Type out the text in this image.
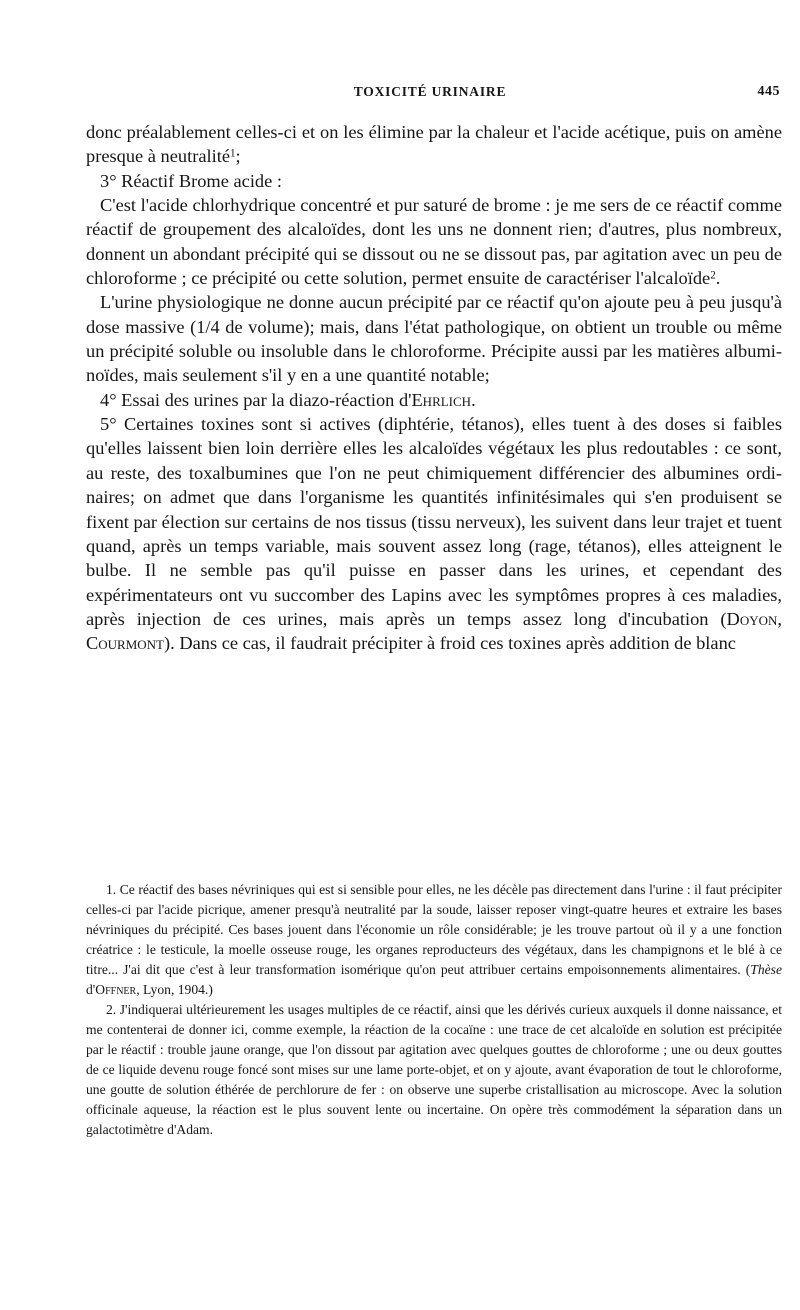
TOXICITÉ URINAIRE	445

donc préalablement celles-ci et on les élimine par la chaleur et l'acide acétique, puis on amène presque à neutralité$^1$;

3° Réactif Brome acide :

C'est l'acide chlorhydrique concentré et pur saturé de brome : je me sers de ce réactif comme réactif de groupement des alcaloïdes, dont les uns ne donnent rien; d'autres, plus nombreux, donnent un abondant précipité qui se dissout ou ne se dissout pas, par agitation avec un peu de chloroforme ; ce précipité ou cette solution, permet ensuite de caractériser l'alcaloïde$^2$.

L'urine physiologique ne donne aucun précipité par ce réactif qu'on ajoute peu à peu jusqu'à dose massive (1/4 de volume); mais, dans l'état pathologique, on obtient un trouble ou même un précipité soluble ou insoluble dans le chloroforme. Précipite aussi par les matières albuminoïdes, mais seulement s'il y en a une quantité notable;

4° Essai des urines par la diazo-réaction d'Ehrlich.

5° Certaines toxines sont si actives (diphtérie, tétanos), elles tuent à des doses si faibles qu'elles laissent bien loin derrière elles les alcaloïdes végétaux les plus redoutables : ce sont, au reste, des toxalbumines que l'on ne peut chimiquement différencier des albumines ordinaires; on admet que dans l'organisme les quantités infinitésimales qui s'en produisent se fixent par élection sur certains de nos tissus (tissu nerveux), les suivent dans leur trajet et tuent quand, après un temps variable, mais souvent assez long (rage, tétanos), elles atteignent le bulbe. Il ne semble pas qu'il puisse en passer dans les urines, et cependant des expérimentateurs ont vu succomber des Lapins avec les symptômes propres à ces maladies, après injection de ces urines, mais après un temps assez long d'incubation (Doyon, Courmont). Dans ce cas, il faudrait précipiter à froid ces toxines après addition de blanc

1. Ce réactif des bases névriniques qui est si sensible pour elles, ne les décèle pas directement dans l'urine : il faut précipiter celles-ci par l'acide picrique, amener presqu'à neutralité par la soude, laisser reposer vingt-quatre heures et extraire les bases névriniques du précipité. Ces bases jouent dans l'économie un rôle considérable; je les trouve partout où il y a une fonction créatrice : le testicule, la moelle osseuse rouge, les organes reproducteurs des végétaux, dans les champignons et le blé à ce titre... J'ai dit que c'est à leur transformation isomérique qu'on peut attribuer certains empoisonnements alimentaires. (Thèse d'Offner, Lyon, 1904.)

2. J'indiquerai ultérieurement les usages multiples de ce réactif, ainsi que les dérivés curieux auxquels il donne naissance, et me contenterai de donner ici, comme exemple, la réaction de la cocaïne : une trace de cet alcaloïde en solution est précipitée par le réactif : trouble jaune orange, que l'on dissout par agitation avec quelques gouttes de chloroforme ; une ou deux gouttes de ce liquide devenu rouge foncé sont mises sur une lame porte-objet, et on y ajoute, avant évaporation de tout le chloroforme, une goutte de solution éthérée de perchlorure de fer : on observe une superbe cristallisation au microscope. Avec la solution officinale aqueuse, la réaction est le plus souvent lente ou incertaine. On opère très commodément la séparation dans un galactotimètre d'Adam.
